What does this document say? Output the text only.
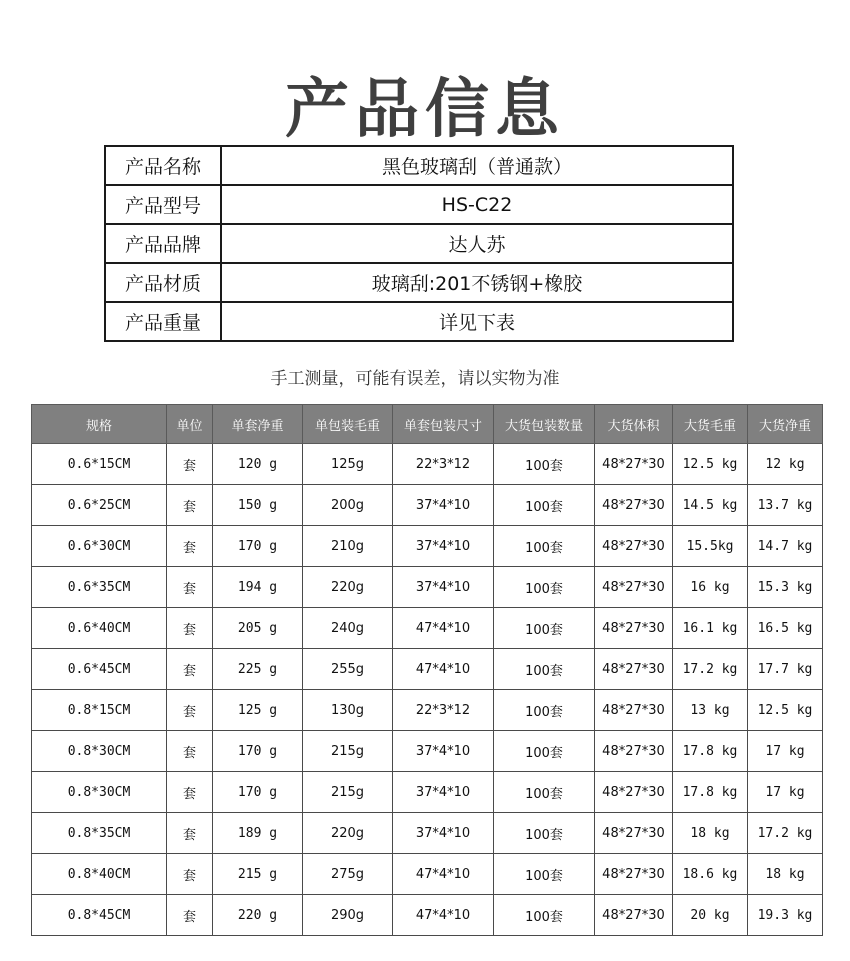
产品信息
产品名称	黑色玻璃刮（普通款）
产品型号	HS-C22
产品品牌	达人苏
产品材质	玻璃刮:201不锈钢+橡胶
产品重量	详见下表
手工测量，可能有误差，请以实物为准
规格	单位	单套净重	单包装毛重	单套包装尺寸	大货包装数量	大货体积	大货毛重	大货净重
0.6*15CM	套	120 g	125g	22*3*12	100套	48*27*30	12.5 kg	12 kg
0.6*25CM	套	150 g	200g	37*4*10	100套	48*27*30	14.5 kg	13.7 kg
0.6*30CM	套	170 g	210g	37*4*10	100套	48*27*30	15.5kg	14.7 kg
0.6*35CM	套	194 g	220g	37*4*10	100套	48*27*30	16 kg	15.3 kg
0.6*40CM	套	205 g	240g	47*4*10	100套	48*27*30	16.1 kg	16.5 kg
0.6*45CM	套	225 g	255g	47*4*10	100套	48*27*30	17.2 kg	17.7 kg
0.8*15CM	套	125 g	130g	22*3*12	100套	48*27*30	13 kg	12.5 kg
0.8*30CM	套	170 g	215g	37*4*10	100套	48*27*30	17.8 kg	17 kg
0.8*30CM	套	170 g	215g	37*4*10	100套	48*27*30	17.8 kg	17 kg
0.8*35CM	套	189 g	220g	37*4*10	100套	48*27*30	18 kg	17.2 kg
0.8*40CM	套	215 g	275g	47*4*10	100套	48*27*30	18.6 kg	18 kg
0.8*45CM	套	220 g	290g	47*4*10	100套	48*27*30	20 kg	19.3 kg
